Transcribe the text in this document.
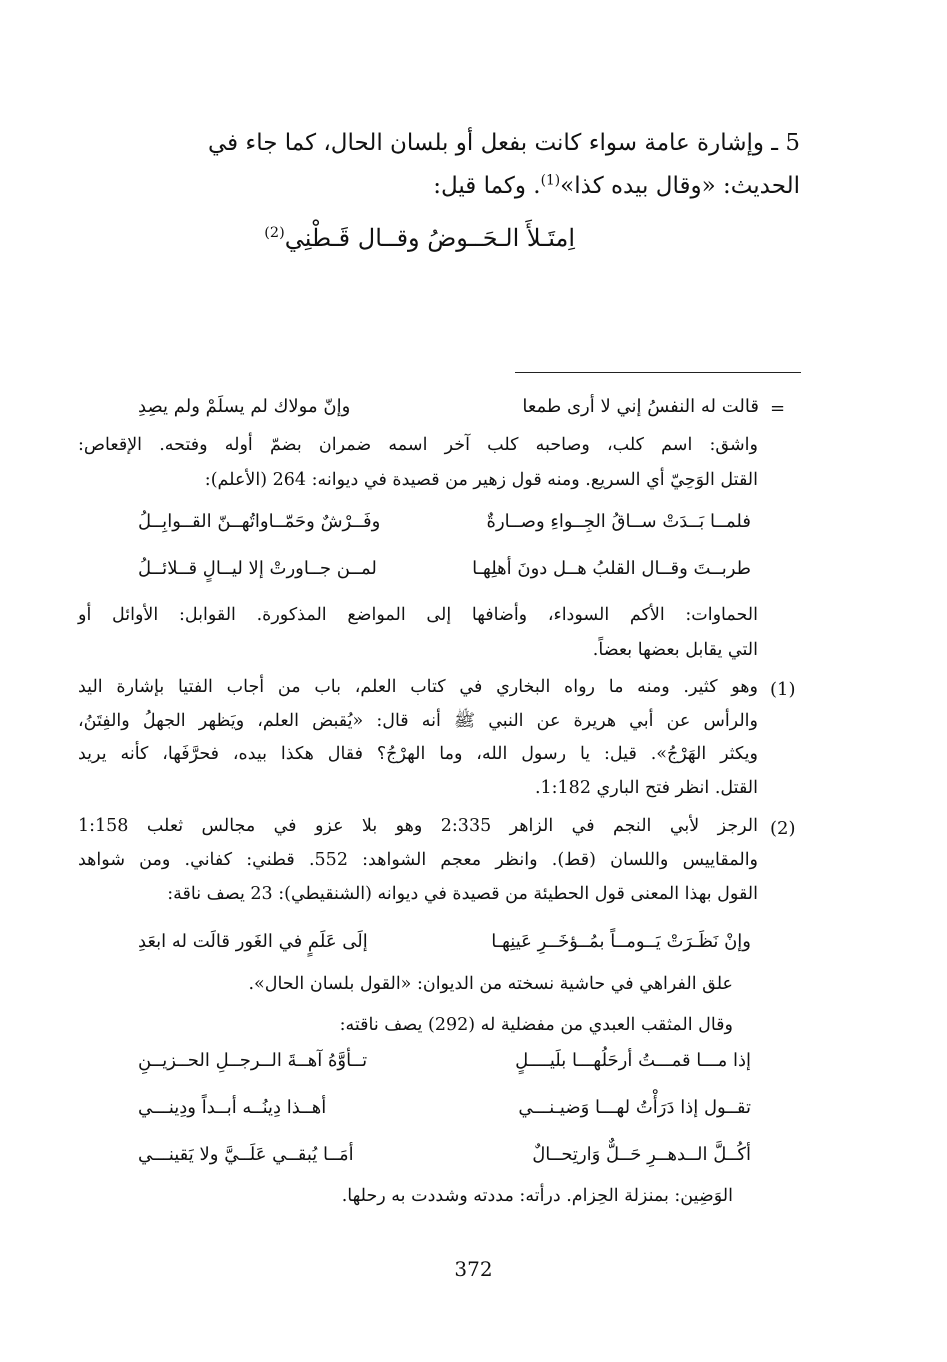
5 ـ وإشارة عامة سواء كانت بفعل أو بلسان الحال، كما جاء في
الحديث: «وقال بيده كذا»$^{(1)}$. وكما قيل:
اِمتَـلأَ الـحَــوضُ وقــال قَـطْنِي$^{(2)}$
=
قالت له النفسُ إني لا أرى طمعا
وإنّ مولاك لم يسلَمْ ولم يصِدِ
واشق: اسم كلب، وصاحبه كلب آخر اسمه ضمران بضمّ أوله وفتحه. الإقعاص:
القتل الوَحِيّ أي السريع. ومنه قول زهير من قصيدة في ديوانه: 264 (الأعلم):
فلمــا بَــدَتْ ســاقُ الجِــواءِ وصــارةٌ
وفَــرْشٌ وحَمّــاواتُهــنّ القــوابِــلُ
طربــتَ وقــال القلبُ هــل دونَ أهلِهـا
لمــن جــاورتْ إلا ليــالٍ قــلائــلُ
الحماوات: الأكم السوداء، وأضافها إلى المواضع المذكورة. القوابل: الأوائل أو
التي يقابل بعضها بعضاً.
(1)
وهو كثير. ومنه ما رواه البخاري في كتاب العلم، باب من أجاب الفتيا بإشارة اليد
والرأس عن أبي هريرة عن النبي ﷺ أنه قال: «يُقبض العلم، ويَظهر الجهلُ والفِتَنُ،
ويكثر الهَرْجُ». قيل: يا رسول الله، وما الهرْجُ؟ فقال هكذا بيده، فحرَّفَها، كأنه يريد
القتل. انظر فتح الباري 1:182.
(2)
الرجز لأبي النجم في الزاهر 2:335 وهو بلا عزو في مجالس ثعلب 1:158
والمقاييس واللسان (قط). وانظر معجم الشواهد: 552. قطني: كفاني. ومن شواهد
القول بهذا المعنى قول الحطيئة من قصيدة في ديوانه (الشنقيطي): 23 يصف ناقة:
وإنْ نَظَـرَتْ يَــومــاً بمُــؤخَــرِ عَينِهـا
إلَى عَلَمٍ في الغَور قالَت له ابعَدِ
علق الفراهي في حاشية نسخته من الديوان: «القول بلسان الحال».
وقال المثقب العبدي من مفضلية له (292) يصف ناقته:
إذا مـــا قمـــتُ أرحَلُهـــا بلَيــــلٍ
تــأوَّهُ آهــةَ الــرجــلِ الحــزيــنِ
تقــول إذا دَرَأْتُ لهـــا وَضيـنـــي
أهــذا دِينُــه أبــداً ودِينـــي
أكُــلَّ الــدهــرِ حَــلٌّ وَارتِحــالٌ
أمَــا يُبقــي عَلَــيَّ ولا يَقينـــي
الوَضِين: بمنزلة الحِزام. درأته: مددته وشددت به رحلها.
372
